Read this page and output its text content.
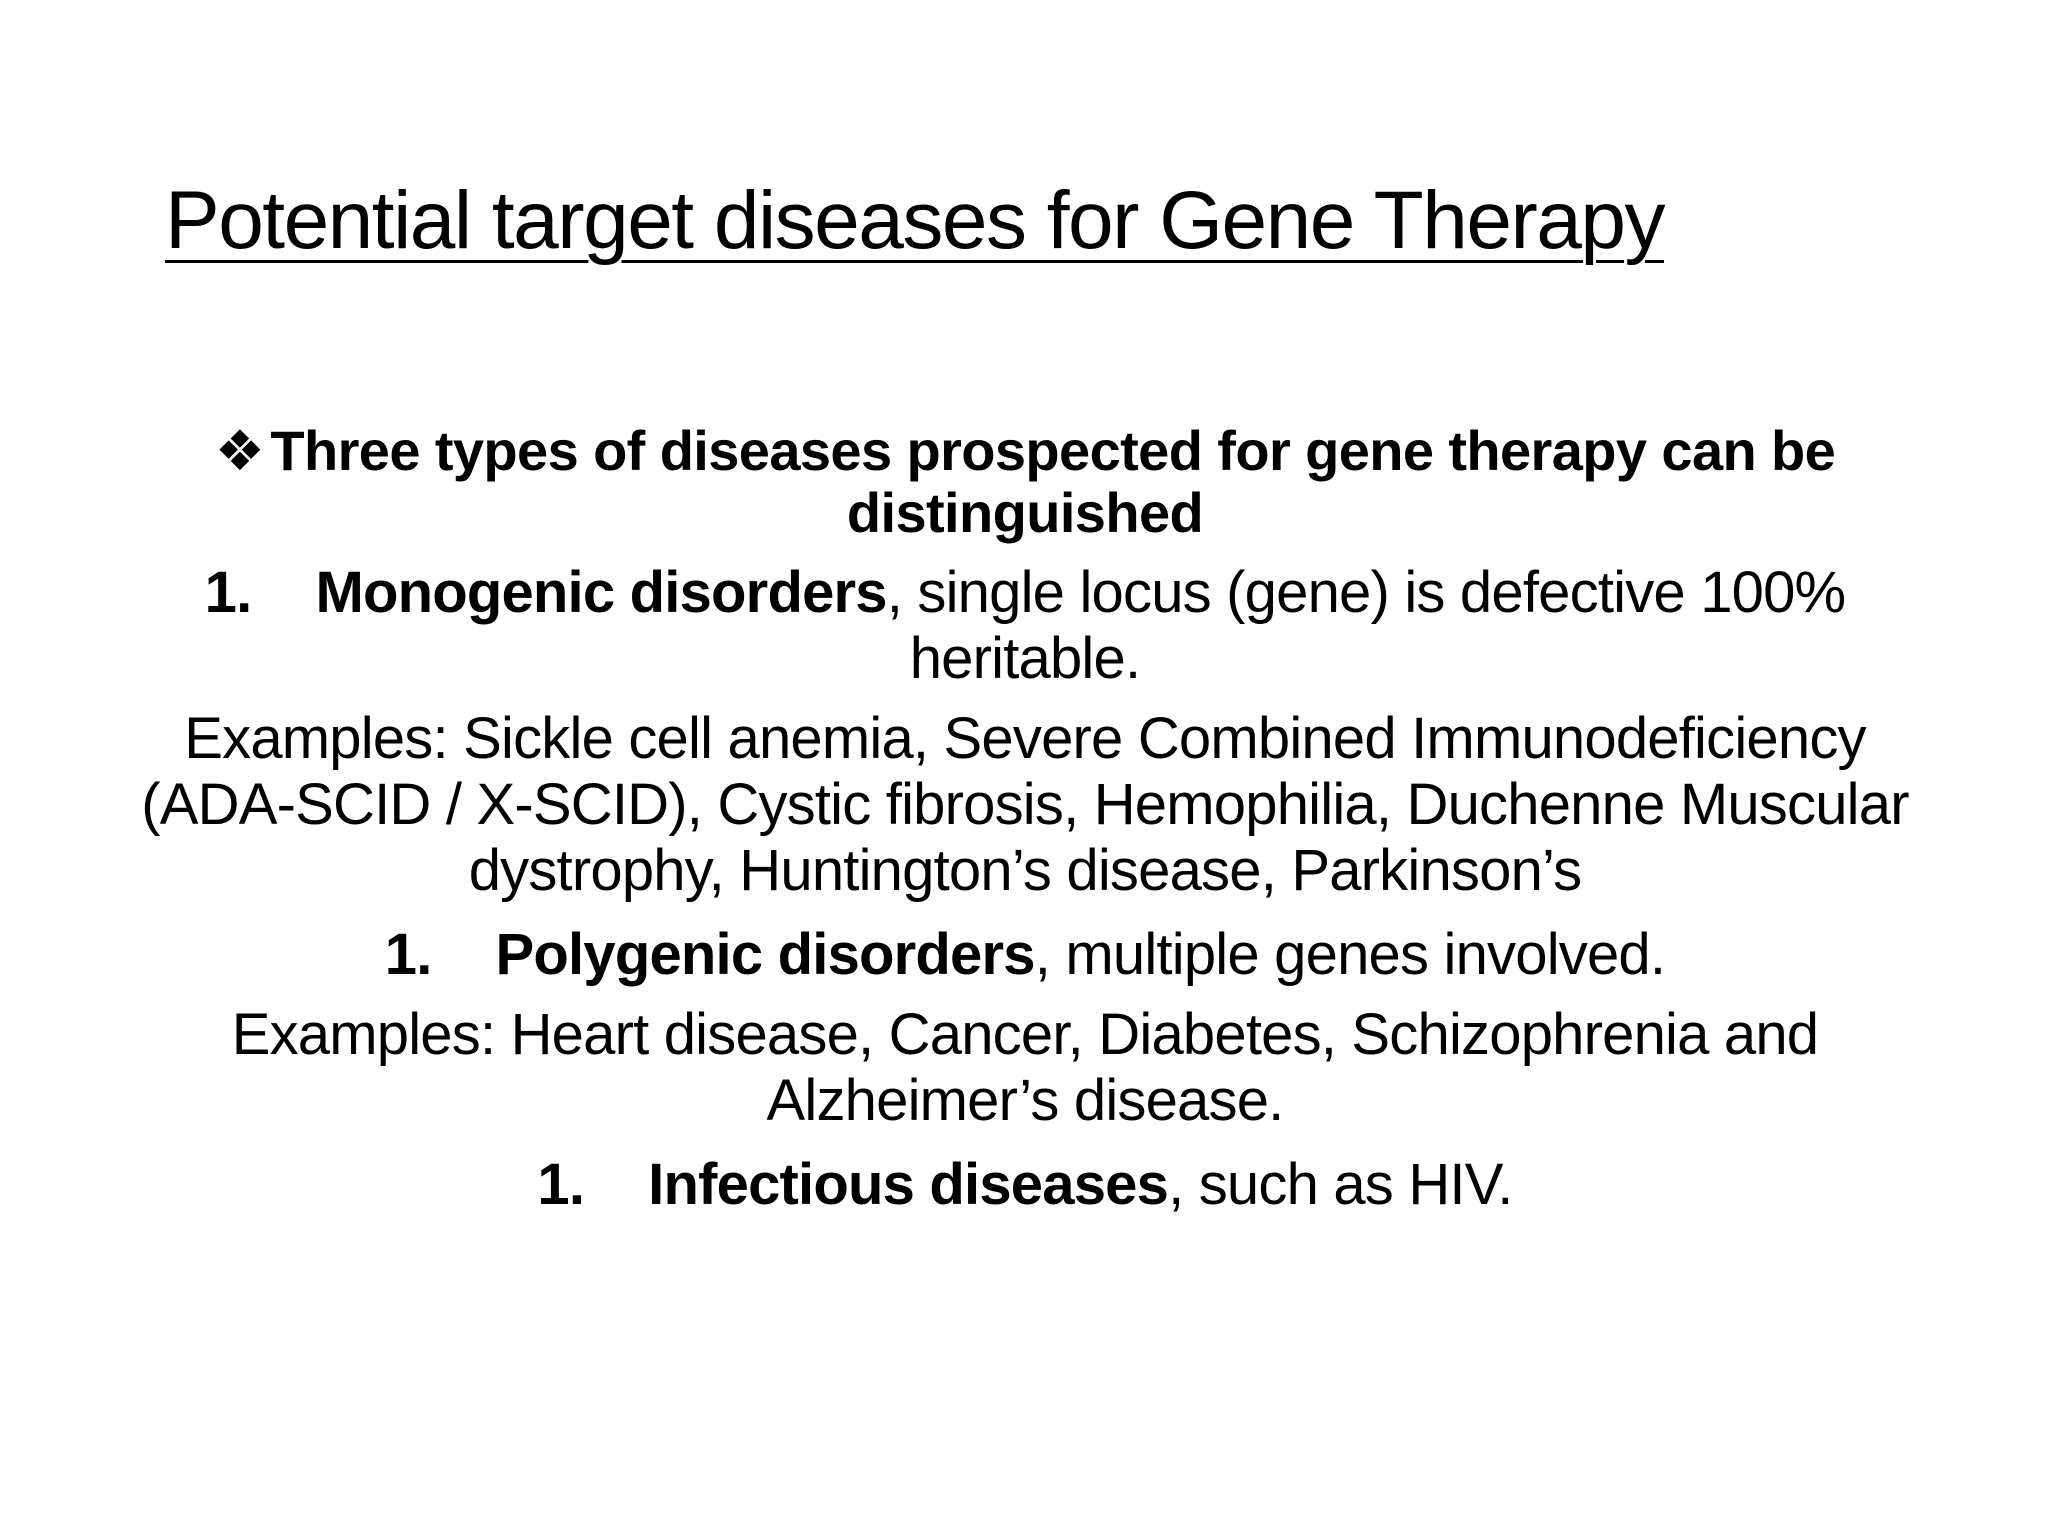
Potential target diseases for Gene Therapy

❖ Three types of diseases prospected for gene therapy can be distinguished

1. Monogenic disorders, single locus (gene) is defective 100% heritable.

Examples: Sickle cell anemia, Severe Combined Immunodeficiency (ADA-SCID / X-SCID), Cystic fibrosis, Hemophilia, Duchenne Muscular dystrophy, Huntington’s disease, Parkinson’s

1. Polygenic disorders, multiple genes involved.

Examples: Heart disease, Cancer, Diabetes, Schizophrenia and Alzheimer’s disease.

1. Infectious diseases, such as HIV.
